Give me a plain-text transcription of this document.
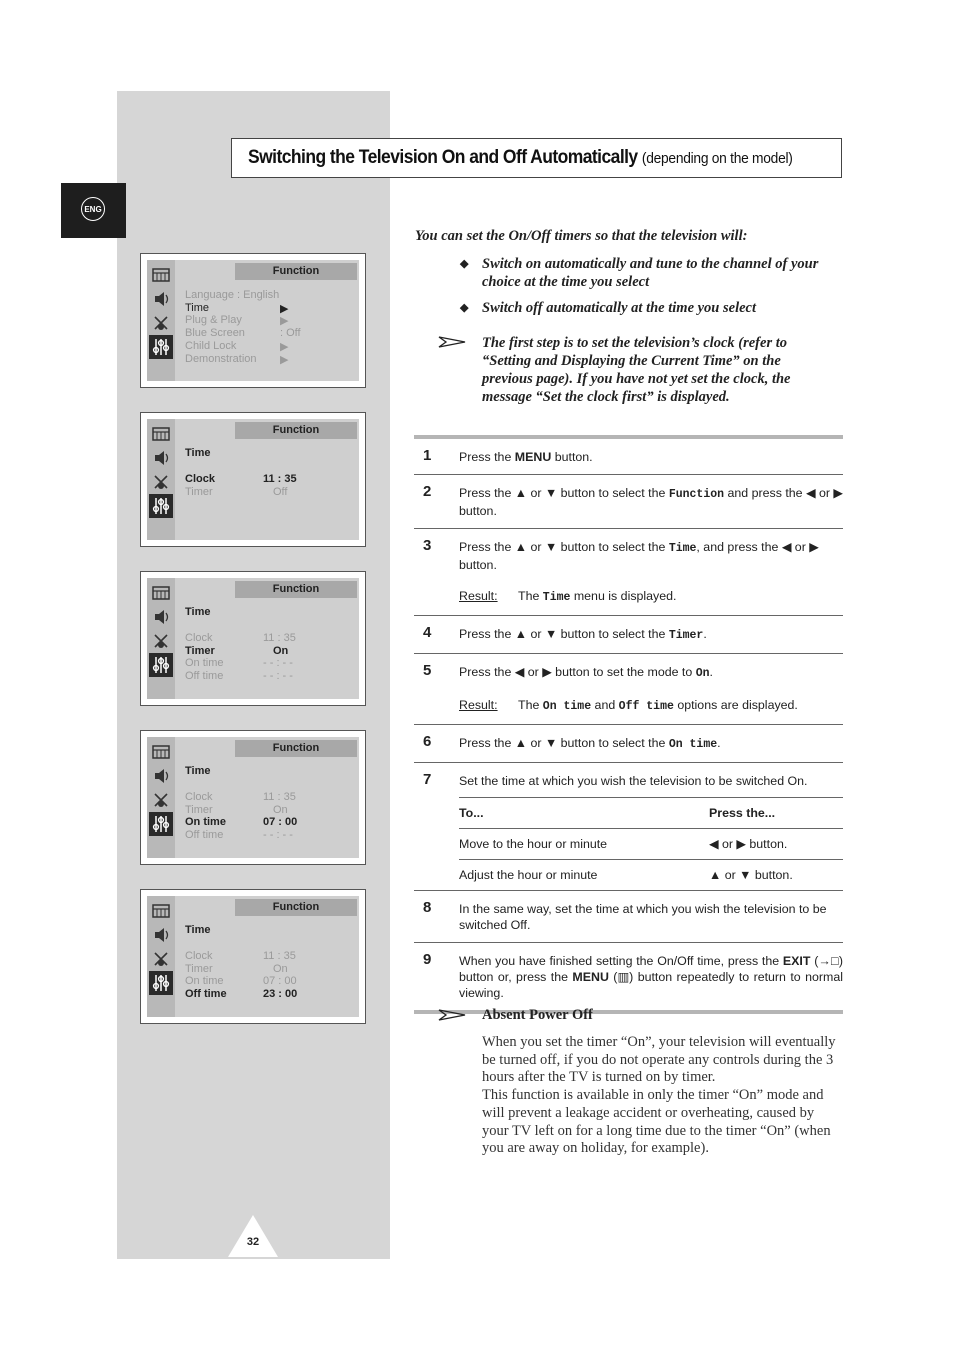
ENG
Switching the Television On and Off Automatically (depending on the model)
Function
Language : English
Time	▶
Plug & Play	▶
Blue Screen	: Off
Child Lock	▶
Demonstration ▶
Function
Time
Clock	11 : 35
Timer	Off
Function
Time
Clock	11 : 35
Timer	On
On time	- - : - -
Off time	- - : - -
Function
Time
Clock	11 : 35
Timer	On
On time	07 : 00
Off time	- - : - -
Function
Time
Clock	11 : 35
Timer	On
On time	07 : 00
Off time	23 : 00
You can set the On/Off timers so that the television will:
◆ Switch on automatically and tune to the channel of your choice at the time you select
◆ Switch off automatically at the time you select
The first step is to set the television’s clock (refer to “Setting and Displaying the Current Time” on the previous page). If you have not yet set the clock, the message “Set the clock first” is displayed.
1	Press the MENU button.
2	Press the ▲ or ▼ button to select the Function and press the ◀ or ▶ button.
3	Press the ▲ or ▼ button to select the Time, and press the ◀ or ▶ button.
Result: The Time menu is displayed.
4	Press the ▲ or ▼ button to select the Timer.
5	Press the ◀ or ▶ button to set the mode to On.
Result: The On time and Off time options are displayed.
6	Press the ▲ or ▼ button to select the On time.
7	Set the time at which you wish the television to be switched On.
To...	Press the...
Move to the hour or minute	◀ or ▶ button.
Adjust the hour or minute	▲ or ▼ button.
8	In the same way, set the time at which you wish the television to be switched Off.
9	When you have finished setting the On/Off time, press the EXIT (→□) button or, press the MENU (▥) button repeatedly to return to normal viewing.
Absent Power Off

When you set the timer “On”, your television will eventually be turned off, if you do not operate any controls during the 3 hours after the TV is turned on by timer.

This function is available in only the timer “On” mode and will prevent a leakage accident or overheating, caused by your TV left on for a long time due to the timer “On” (when you are away on holiday, for example).

32
